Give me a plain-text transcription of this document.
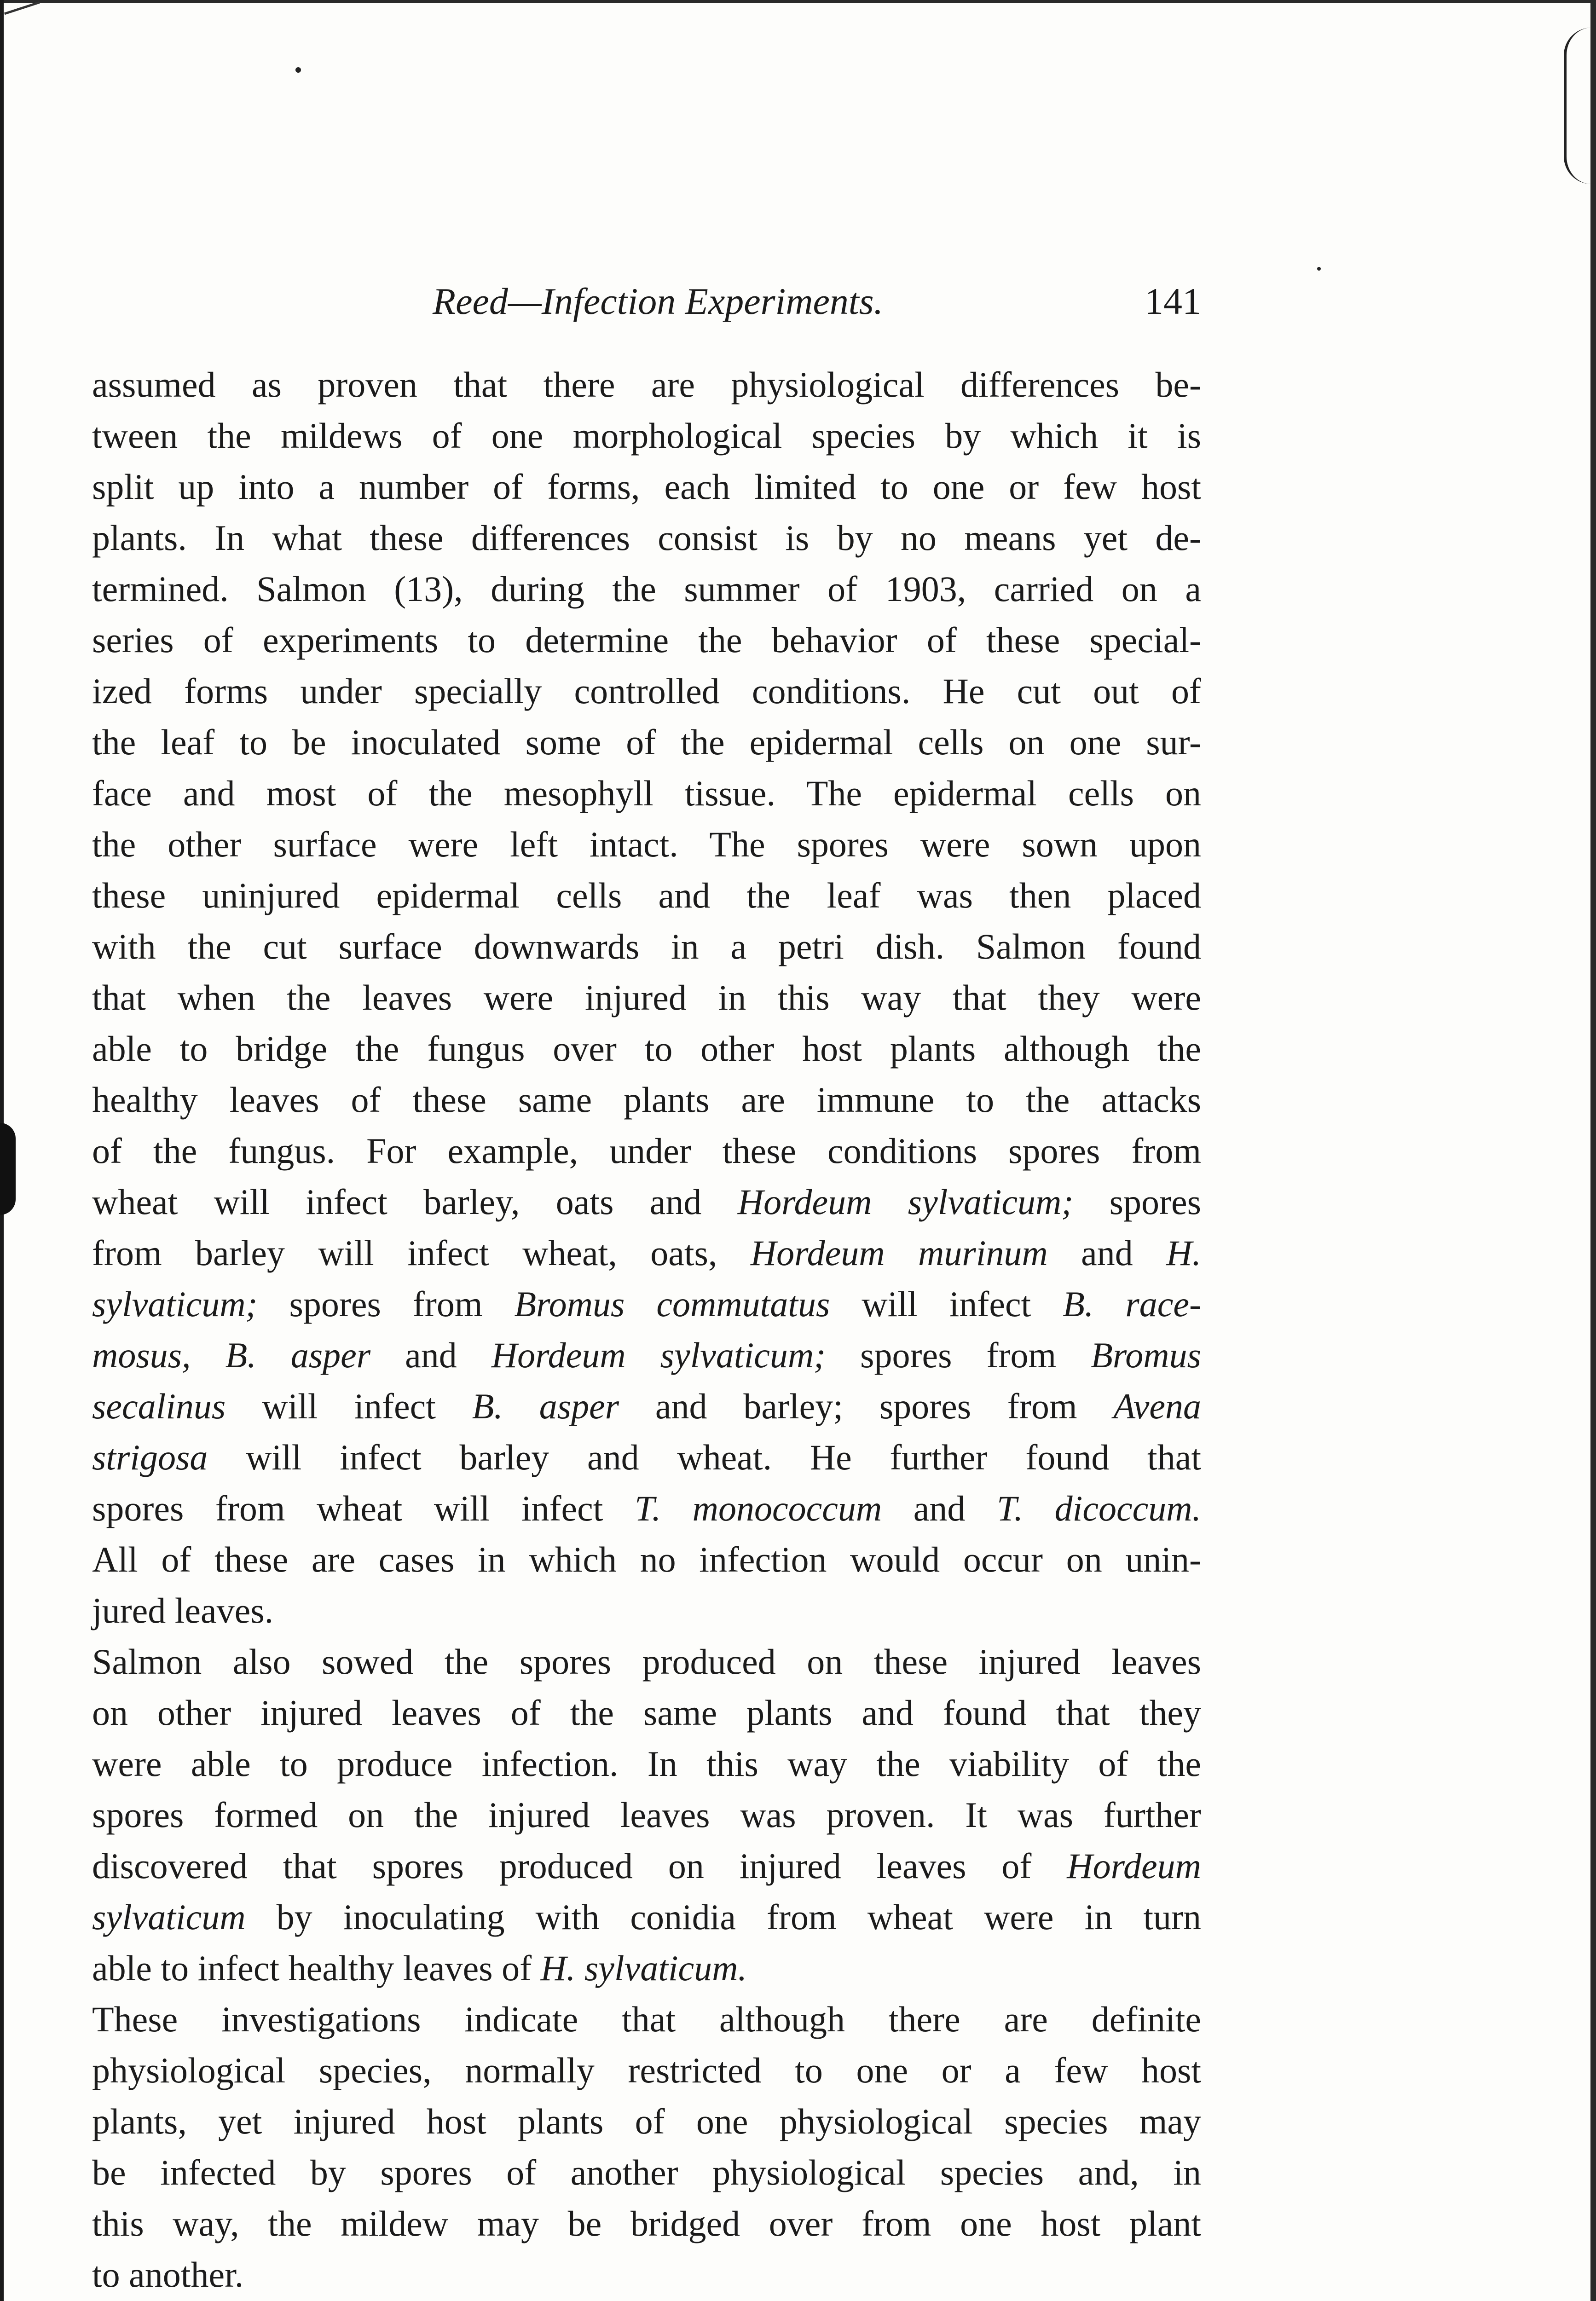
Reed—Infection Experiments.	141
assumed as proven that there are physiological differences be-
tween the mildews of one morphological species by which it is
split up into a number of forms, each limited to one or few host
plants. In what these differences consist is by no means yet de-
termined. Salmon (13), during the summer of 1903, carried on a
series of experiments to determine the behavior of these special-
ized forms under specially controlled conditions. He cut out of
the leaf to be inoculated some of the epidermal cells on one sur-
face and most of the mesophyll tissue. The epidermal cells on
the other surface were left intact. The spores were sown upon
these uninjured epidermal cells and the leaf was then placed
with the cut surface downwards in a petri dish. Salmon found
that when the leaves were injured in this way that they were
able to bridge the fungus over to other host plants although the
healthy leaves of these same plants are immune to the attacks
of the fungus. For example, under these conditions spores from
wheat will infect barley, oats and Hordeum sylvaticum; spores
from barley will infect wheat, oats, Hordeum murinum and H.
sylvaticum; spores from Bromus commutatus will infect B. race-
mosus, B. asper and Hordeum sylvaticum; spores from Bromus
secalinus will infect B. asper and barley; spores from Avena
strigosa will infect barley and wheat. He further found that
spores from wheat will infect T. monococcum and T. dicoccum.
All of these are cases in which no infection would occur on unin-
jured leaves.
Salmon also sowed the spores produced on these injured leaves
on other injured leaves of the same plants and found that they
were able to produce infection. In this way the viability of the
spores formed on the injured leaves was proven. It was further
discovered that spores produced on injured leaves of Hordeum
sylvaticum by inoculating with conidia from wheat were in turn
able to infect healthy leaves of H. sylvaticum.
These investigations indicate that although there are definite
physiological species, normally restricted to one or a few host
plants, yet injured host plants of one physiological species may
be infected by spores of another physiological species and, in
this way, the mildew may be bridged over from one host plant
to another.
